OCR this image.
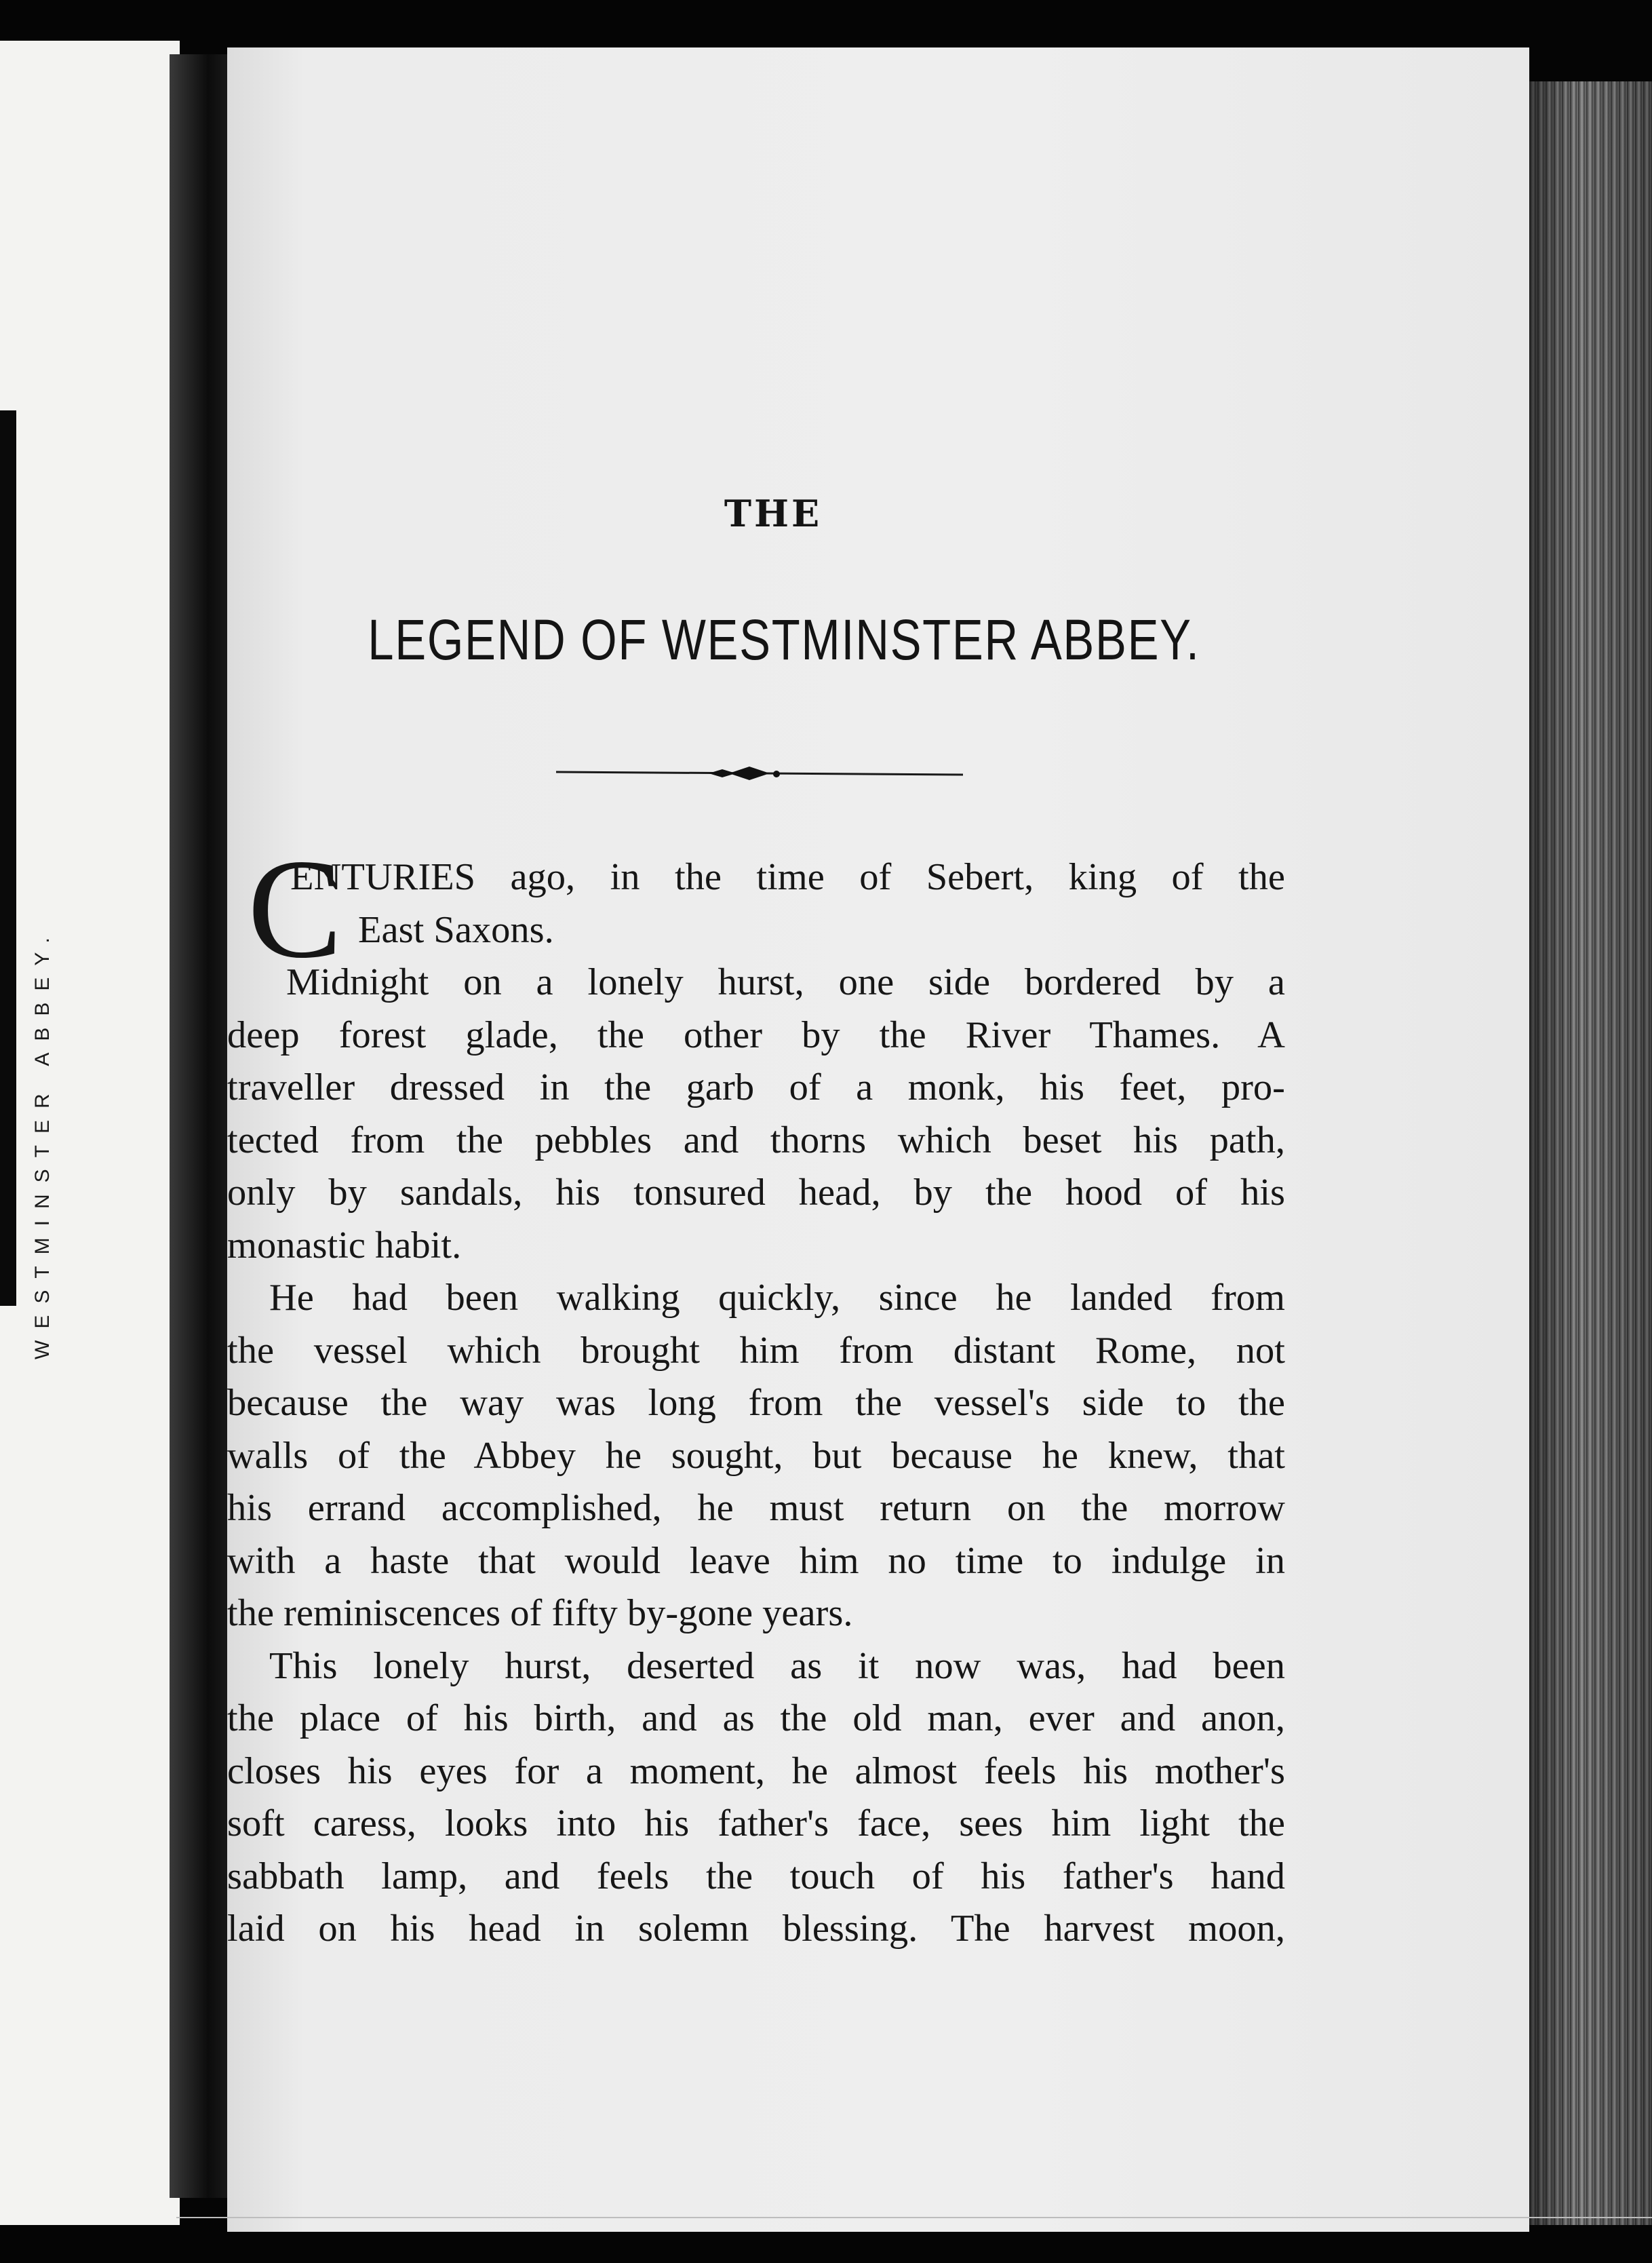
WESTMINSTER ABBEY.
THE
LEGEND OF WESTMINSTER ABBEY.
C
ENTURIES ago, in the time of Sebert, king of the
East Saxons.
Midnight on a lonely hurst, one side bordered by a
deep forest glade, the other by the River Thames. A
traveller dressed in the garb of a monk, his feet, pro-
tected from the pebbles and thorns which beset his path,
only by sandals, his tonsured head, by the hood of his
monastic habit.
He had been walking quickly, since he landed from
the vessel which brought him from distant Rome, not
because the way was long from the vessel's side to the
walls of the Abbey he sought, but because he knew, that
his errand accomplished, he must return on the morrow
with a haste that would leave him no time to indulge in
the reminiscences of fifty by-gone years.
This lonely hurst, deserted as it now was, had been
the place of his birth, and as the old man, ever and anon,
closes his eyes for a moment, he almost feels his mother's
soft caress, looks into his father's face, sees him light the
sabbath lamp, and feels the touch of his father's hand
laid on his head in solemn blessing. The harvest moon,
